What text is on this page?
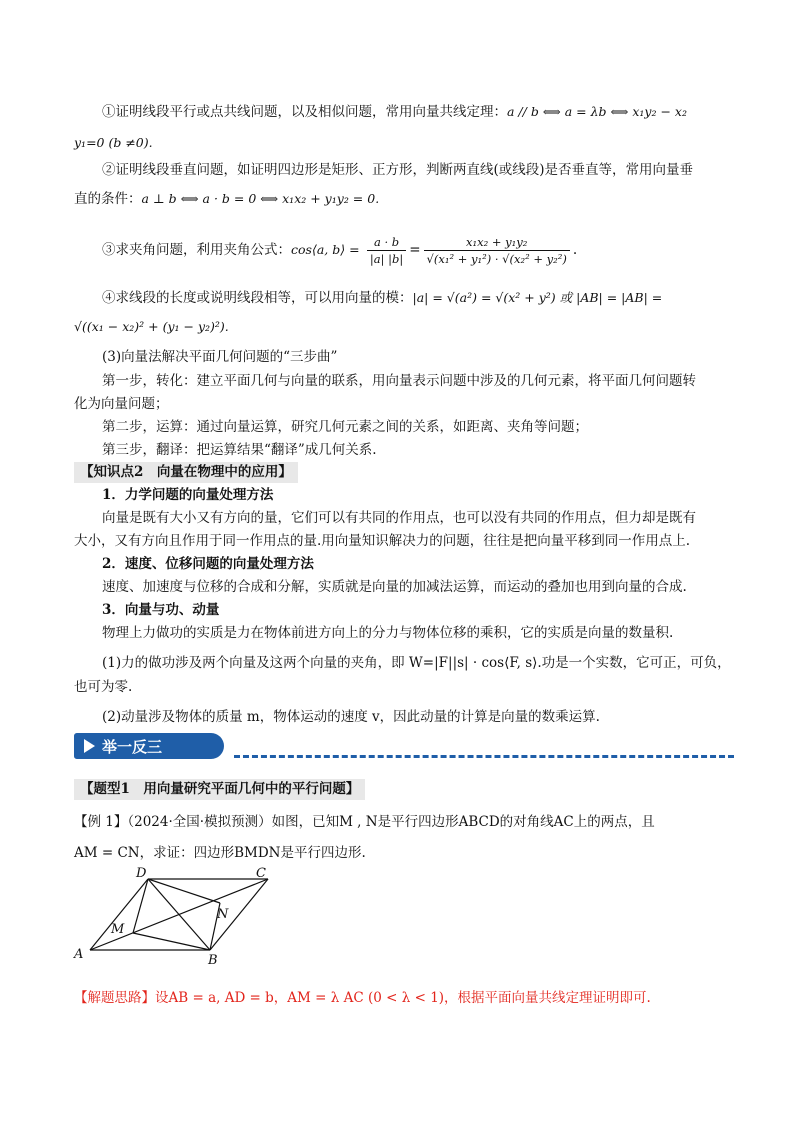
①证明线段平行或点共线问题，以及相似问题，常用向量共线定理：a // b ⟺ a = λb ⟺ x₁y₂ − x₂
y₁=0 (b ≠0).
②证明线段垂直问题，如证明四边形是矩形、正方形，判断两直线(或线段)是否垂直等，常用向量垂
直的条件：a ⊥ b ⟺ a · b = 0 ⟺ x₁x₂ + y₁y₂ = 0.
③求夹角问题，利用夹角公式：cos⟨a, b⟩ = $\frac{a \cdot b}{|a| |b|} = \frac{\text{x₁x₂ + y₁y₂}}{\text{√(x₁² + y₁²) · √(x₂² + y₂²)}}$ .
④求线段的长度或说明线段相等，可以用向量的模：|a| = √(a²) = √(x² + y²) 或 |AB| = |AB| =
√((x₁ − x₂)² + (y₁ − y₂)²).
(3)向量法解决平面几何问题的“三步曲”
第一步，转化：建立平面几何与向量的联系，用向量表示问题中涉及的几何元素，将平面几何问题转
化为向量问题；
第二步，运算：通过向量运算，研究几何元素之间的关系，如距离、夹角等问题；
第三步，翻译：把运算结果“翻译”成几何关系.
【知识点2　向量在物理中的应用】
1．力学问题的向量处理方法
向量是既有大小又有方向的量，它们可以有共同的作用点，也可以没有共同的作用点，但力却是既有
大小，又有方向且作用于同一作用点的量.用向量知识解决力的问题，往往是把向量平移到同一作用点上.
2．速度、位移问题的向量处理方法
速度、加速度与位移的合成和分解，实质就是向量的加减法运算，而运动的叠加也用到向量的合成.
3．向量与功、动量
物理上力做功的实质是力在物体前进方向上的分力与物体位移的乘积，它的实质是向量的数量积.
(1)力的做功涉及两个向量及这两个向量的夹角，即 W=|F||s| · cos⟨F, s⟩.功是一个实数，它可正，可负，
也可为零.
(2)动量涉及物体的质量 m，物体运动的速度 v，因此动量的计算是向量的数乘运算.
举一反三
【题型1　用向量研究平面几何中的平行问题】
【例 1】（2024·全国·模拟预测）如图，已知M , N是平行四边形ABCD的对角线AC上的两点，且
AM = CN，求证：四边形BMDN是平行四边形.
A	B
C
D
M
N
【解题思路】设AB = a, AD = b，AM = λ AC (0 < λ < 1)，根据平面向量共线定理证明即可.
